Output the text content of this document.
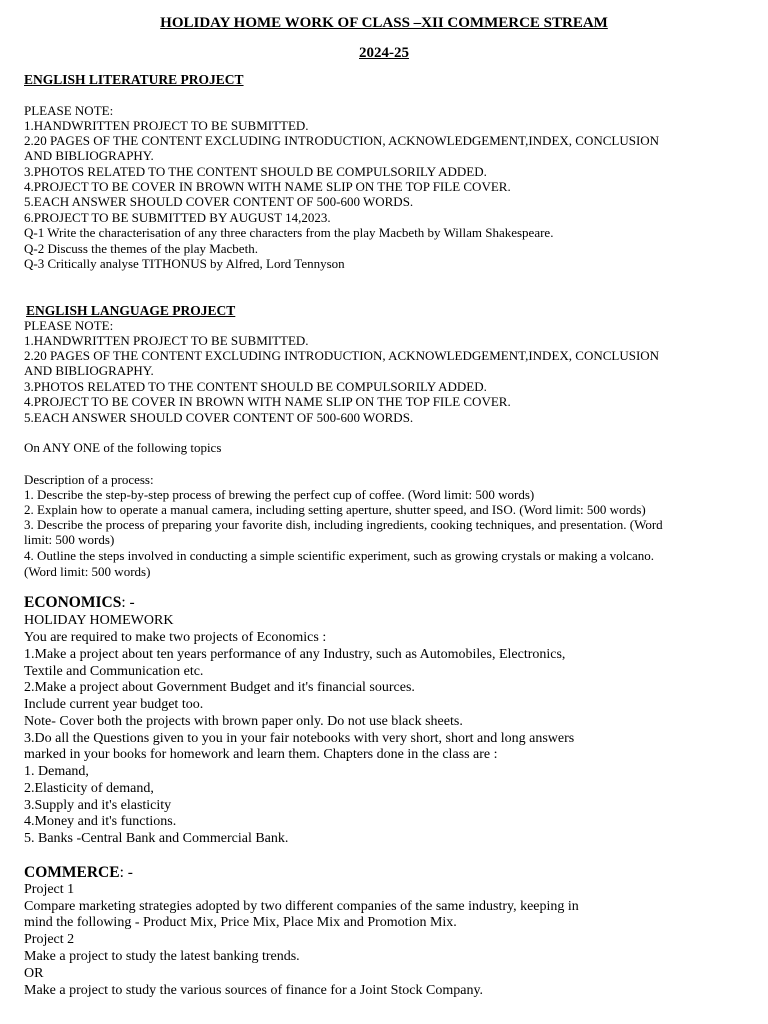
HOLIDAY HOME WORK OF CLASS –XII COMMERCE STREAM
2024-25
ENGLISH LITERATURE PROJECT
PLEASE NOTE:
1.HANDWRITTEN PROJECT TO BE SUBMITTED.
2.20 PAGES OF THE CONTENT EXCLUDING INTRODUCTION, ACKNOWLEDGEMENT,INDEX, CONCLUSION
AND BIBLIOGRAPHY.
3.PHOTOS RELATED TO THE CONTENT SHOULD BE COMPULSORILY ADDED.
4.PROJECT TO BE COVER IN BROWN WITH NAME SLIP ON THE TOP FILE COVER.
5.EACH ANSWER SHOULD COVER CONTENT OF 500-600 WORDS.
6.PROJECT TO BE SUBMITTED BY AUGUST 14,2023.
Q-1 Write the characterisation of any three characters from the play Macbeth by Willam Shakespeare.
Q-2 Discuss the themes of the play Macbeth.
Q-3 Critically analyse TITHONUS by Alfred, Lord Tennyson
ENGLISH LANGUAGE PROJECT
PLEASE NOTE:
1.HANDWRITTEN PROJECT TO BE SUBMITTED.
2.20 PAGES OF THE CONTENT EXCLUDING INTRODUCTION, ACKNOWLEDGEMENT,INDEX, CONCLUSION
AND BIBLIOGRAPHY.
3.PHOTOS RELATED TO THE CONTENT SHOULD BE COMPULSORILY ADDED.
4.PROJECT TO BE COVER IN BROWN WITH NAME SLIP ON THE TOP FILE COVER.
5.EACH ANSWER SHOULD COVER CONTENT OF 500-600 WORDS.
On ANY ONE of the following topics
Description of a process:
1. Describe the step-by-step process of brewing the perfect cup of coffee. (Word limit: 500 words)
2. Explain how to operate a manual camera, including setting aperture, shutter speed, and ISO. (Word limit: 500 words)
3. Describe the process of preparing your favorite dish, including ingredients, cooking techniques, and presentation. (Word
limit: 500 words)
4. Outline the steps involved in conducting a simple scientific experiment, such as growing crystals or making a volcano.
(Word limit: 500 words)
ECONOMICS: -
HOLIDAY HOMEWORK
You are required to make two projects of Economics :
1.Make a project about ten years performance of any Industry, such as Automobiles, Electronics,
Textile and Communication etc.
2.Make a project about Government Budget and it's financial sources.
Include current year budget too.
Note- Cover both the projects with brown paper only. Do not use black sheets.
3.Do all the Questions given to you in your fair notebooks with very short, short and long answers
marked in your books for homework and learn them. Chapters done in the class are :
1. Demand,
2.Elasticity of demand,
3.Supply and it's elasticity
4.Money and it's functions.
5. Banks -Central Bank and Commercial Bank.
COMMERCE: -
Project 1
Compare marketing strategies adopted by two different companies of the same industry, keeping in
mind the following - Product Mix, Price Mix, Place Mix and Promotion Mix.
Project 2
Make a project to study the latest banking trends.
OR
Make a project to study the various sources of finance for a Joint Stock Company.
